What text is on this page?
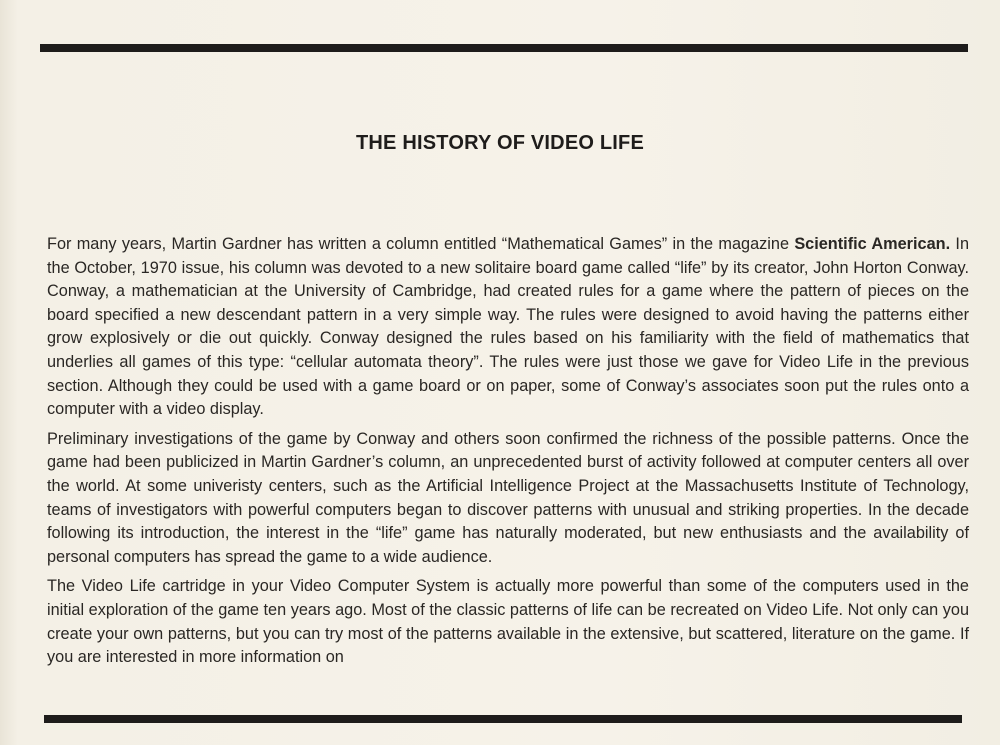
THE HISTORY OF VIDEO LIFE

For many years, Martin Gardner has written a column entitled “Mathematical Games” in the magazine Scientific American. In the October, 1970 issue, his column was devoted to a new solitaire board game called “life” by its creator, John Horton Conway. Conway, a mathematician at the University of Cambridge, had created rules for a game where the pattern of pieces on the board specified a new descendant pattern in a very simple way. The rules were designed to avoid having the patterns either grow explosively or die out quickly. Conway designed the rules based on his familiarity with the field of mathematics that underlies all games of this type: “cellular automata theory”. The rules were just those we gave for Video Life in the previous section. Although they could be used with a game board or on paper, some of Conway’s associates soon put the rules onto a computer with a video display.

Preliminary investigations of the game by Conway and others soon confirmed the richness of the possible patterns. Once the game had been publicized in Martin Gardner’s column, an unprecedented burst of activity followed at computer centers all over the world. At some univeristy centers, such as the Artificial Intelligence Project at the Massachusetts Institute of Technology, teams of investigators with powerful computers began to discover patterns with unusual and striking properties. In the decade following its introduction, the interest in the “life” game has naturally moderated, but new enthusiasts and the availability of personal computers has spread the game to a wide audience.

The Video Life cartridge in your Video Computer System is actually more powerful than some of the computers used in the initial exploration of the game ten years ago. Most of the classic patterns of life can be recreated on Video Life. Not only can you create your own patterns, but you can try most of the patterns available in the extensive, but scattered, literature on the game. If you are interested in more information on
